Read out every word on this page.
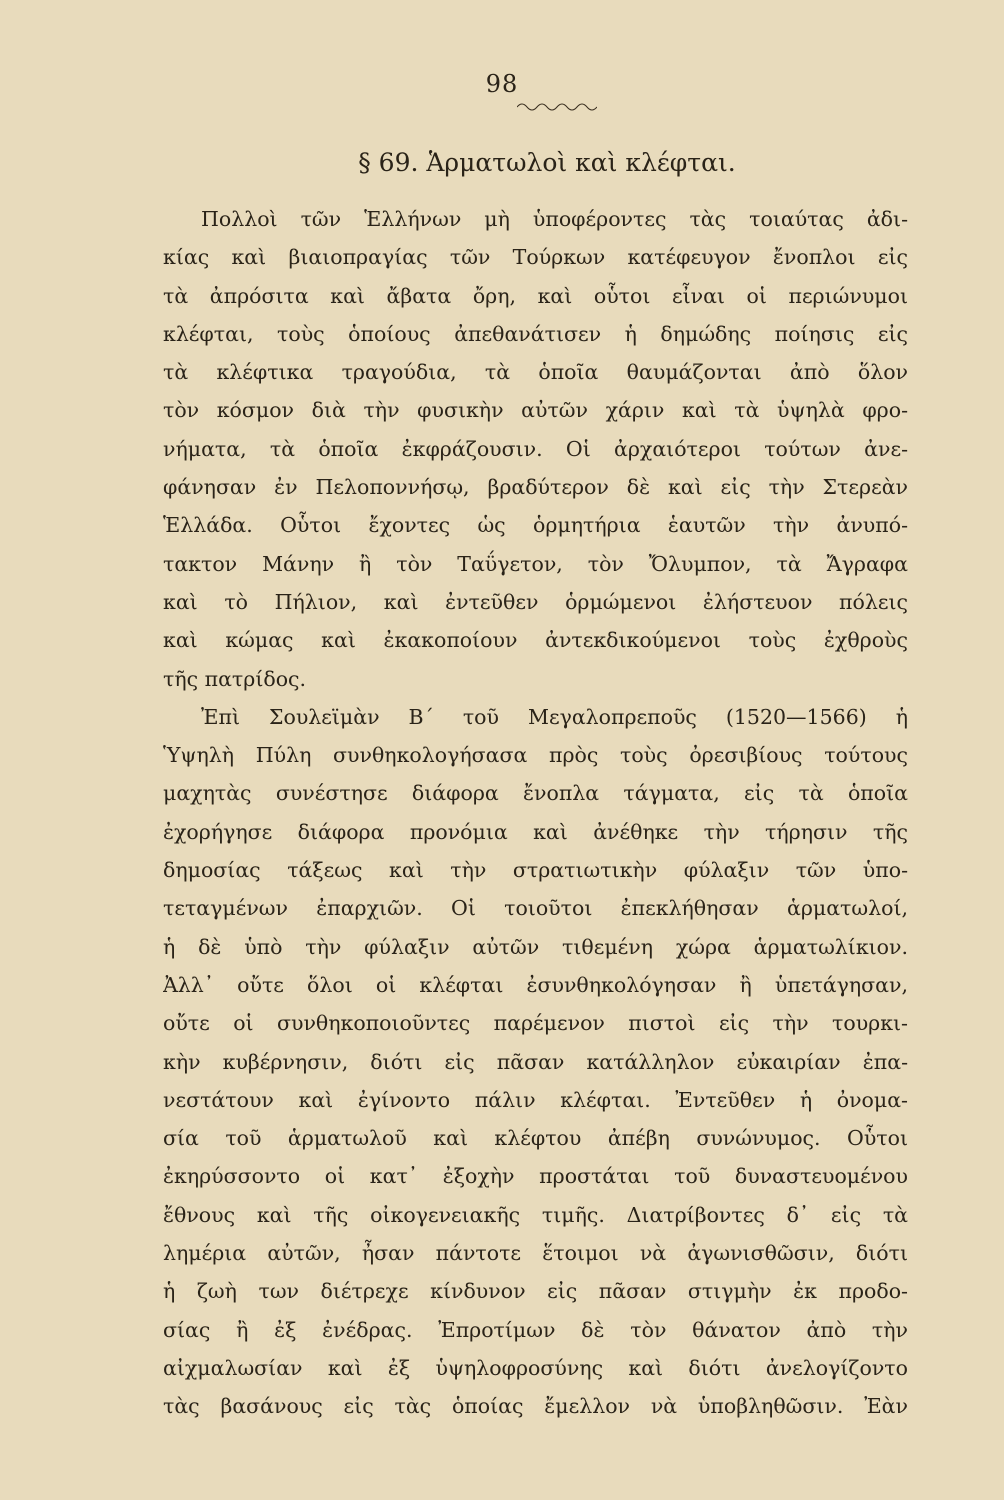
98
§ 69. Ἁρματωλοὶ καὶ κλέφται.
Πολλοὶ τῶν Ἑλλήνων μὴ ὑποφέροντες τὰς τοιαύτας ἀδι-
κίας καὶ βιαιοπραγίας τῶν Τούρκων κατέφευγον ἔνοπλοι εἰς
τὰ ἀπρόσιτα καὶ ἄβατα ὄρη, καὶ οὗτοι εἶναι οἱ περιώνυμοι
κλέφται, τοὺς ὁποίους ἀπεθανάτισεν ἡ δημώδης ποίησις εἰς
τὰ κλέφτικα τραγούδια, τὰ ὁποῖα θαυμάζονται ἀπὸ ὅλον
τὸν κόσμον διὰ τὴν φυσικὴν αὐτῶν χάριν καὶ τὰ ὑψηλὰ φρο-
νήματα, τὰ ὁποῖα ἐκφράζουσιν. Οἱ ἀρχαιότεροι τούτων ἀνε-
φάνησαν ἐν Πελοποννήσῳ, βραδύτερον δὲ καὶ εἰς τὴν Στερεὰν
Ἑλλάδα. Οὗτοι ἔχοντες ὡς ὁρμητήρια ἑαυτῶν τὴν ἀνυπό-
τακτον Μάνην ἢ τὸν Ταΰγετον, τὸν Ὄλυμπον, τὰ Ἄγραφα
καὶ τὸ Πήλιον, καὶ ἐντεῦθεν ὁρμώμενοι ἐλήστευον πόλεις
καὶ κώμας καὶ ἐκακοποίουν ἀντεκδικούμενοι τοὺς ἐχθροὺς
τῆς πατρίδος.
Ἐπὶ Σουλεϊμὰν Β΄ τοῦ Μεγαλοπρεποῦς (1520—1566) ἡ
Ὑψηλὴ Πύλη συνθηκολογήσασα πρὸς τοὺς ὀρεσιβίους τούτους
μαχητὰς συνέστησε διάφορα ἔνοπλα τάγματα, εἰς τὰ ὁποῖα
ἐχορήγησε διάφορα προνόμια καὶ ἀνέθηκε τὴν τήρησιν τῆς
δημοσίας τάξεως καὶ τὴν στρατιωτικὴν φύλαξιν τῶν ὑπο-
τεταγμένων ἐπαρχιῶν. Οἱ τοιοῦτοι ἐπεκλήθησαν ἁρματωλοί,
ἡ δὲ ὑπὸ τὴν φύλαξιν αὐτῶν τιθεμένη χώρα ἁρματωλίκιον.
Ἀλλ᾽ οὔτε ὅλοι οἱ κλέφται ἐσυνθηκολόγησαν ἢ ὑπετάγησαν,
οὔτε οἱ συνθηκοποιοῦντες παρέμενον πιστοὶ εἰς τὴν τουρκι-
κὴν κυβέρνησιν, διότι εἰς πᾶσαν κατάλληλον εὐκαιρίαν ἐπα-
νεστάτουν καὶ ἐγίνοντο πάλιν κλέφται. Ἐντεῦθεν ἡ ὀνομα-
σία τοῦ ἁρματωλοῦ καὶ κλέφτου ἀπέβη συνώνυμος. Οὗτοι
ἐκηρύσσοντο οἱ κατ᾽ ἐξοχὴν προστάται τοῦ δυναστευομένου
ἔθνους καὶ τῆς οἰκογενειακῆς τιμῆς. Διατρίβοντες δ᾽ εἰς τὰ
λημέρια αὐτῶν, ἦσαν πάντοτε ἕτοιμοι νὰ ἀγωνισθῶσιν, διότι
ἡ ζωὴ των διέτρεχε κίνδυνον εἰς πᾶσαν στιγμὴν ἐκ προδο-
σίας ἢ ἐξ ἐνέδρας. Ἐπροτίμων δὲ τὸν θάνατον ἀπὸ τὴν
αἰχμαλωσίαν καὶ ἐξ ὑψηλοφροσύνης καὶ διότι ἀνελογίζοντο
τὰς βασάνους εἰς τὰς ὁποίας ἔμελλον νὰ ὑποβληθῶσιν. Ἐὰν
